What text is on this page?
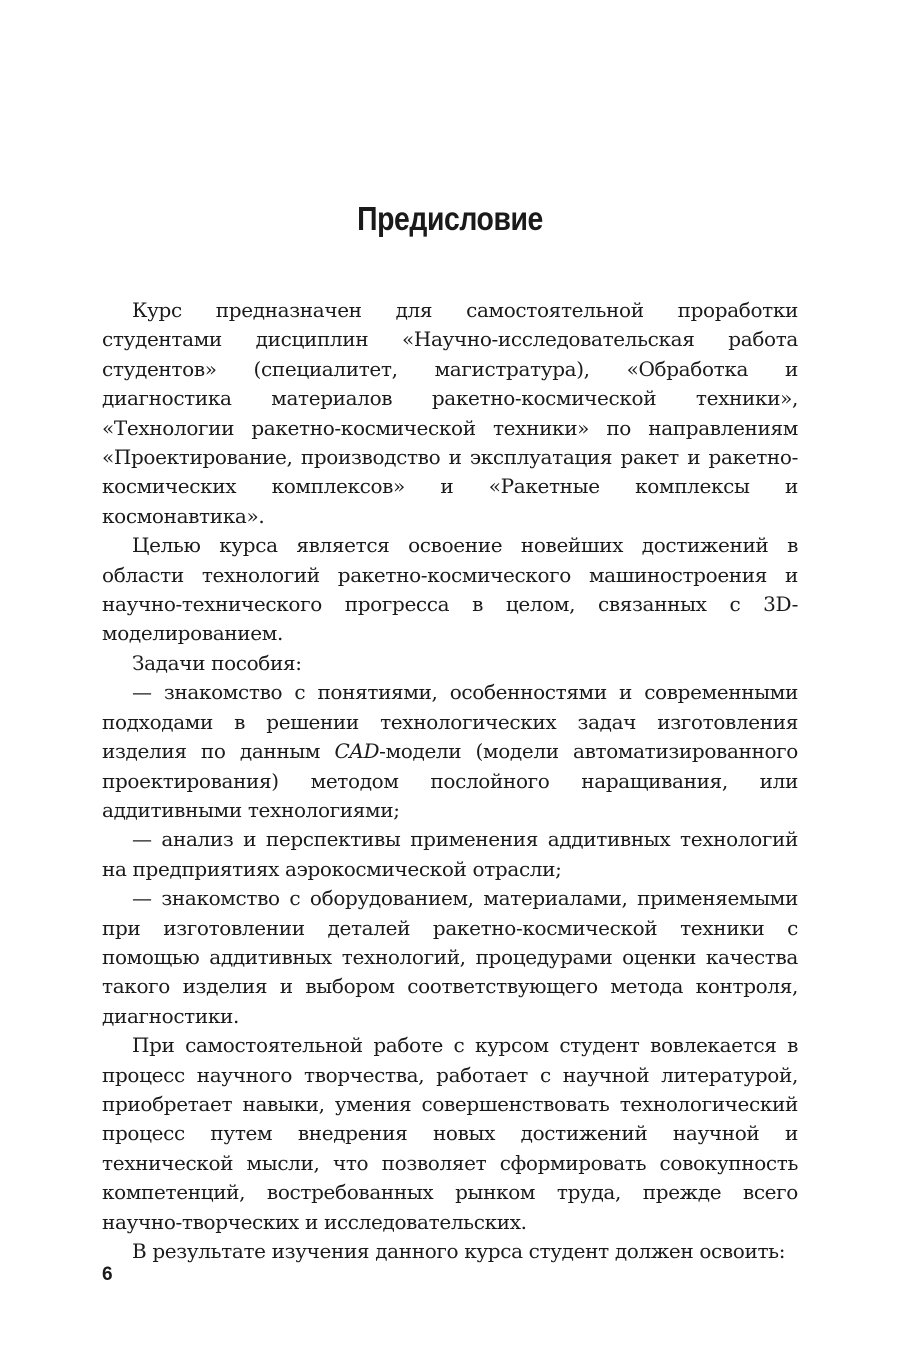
Предисловие

Курс предназначен для самостоятельной проработки студентами дисциплин «Научно-исследовательская работа студентов» (специалитет, магистратура), «Обработка и диагностика материалов ракетно-космической техники», «Технологии ракетно-космической техники» по направлениям «Проектирование, производство и эксплуатация ракет и ракетно-космических комплексов» и «Ракетные комплексы и космонавтика».

Целью курса является освоение новейших достижений в области технологий ракетно-космического машиностроения и научно-технического прогресса в целом, связанных с 3D-моделированием.

Задачи пособия:

— знакомство с понятиями, особенностями и современными подходами в решении технологических задач изготовления изделия по данным CAD-модели (модели автоматизированного проектирования) методом послойного наращивания, или аддитивными технологиями;

— анализ и перспективы применения аддитивных технологий на предприятиях аэрокосмической отрасли;

— знакомство с оборудованием, материалами, применяемыми при изготовлении деталей ракетно-космической техники с помощью аддитивных технологий, процедурами оценки качества такого изделия и выбором соответствующего метода контроля, диагностики.

При самостоятельной работе с курсом студент вовлекается в процесс научного творчества, работает с научной литературой, приобретает навыки, умения совершенствовать технологический процесс путем внедрения новых достижений научной и технической мысли, что позволяет сформировать совокупность компетенций, востребованных рынком труда, прежде всего научно-творческих и исследовательских.

В результате изучения данного курса студент должен освоить:

6
